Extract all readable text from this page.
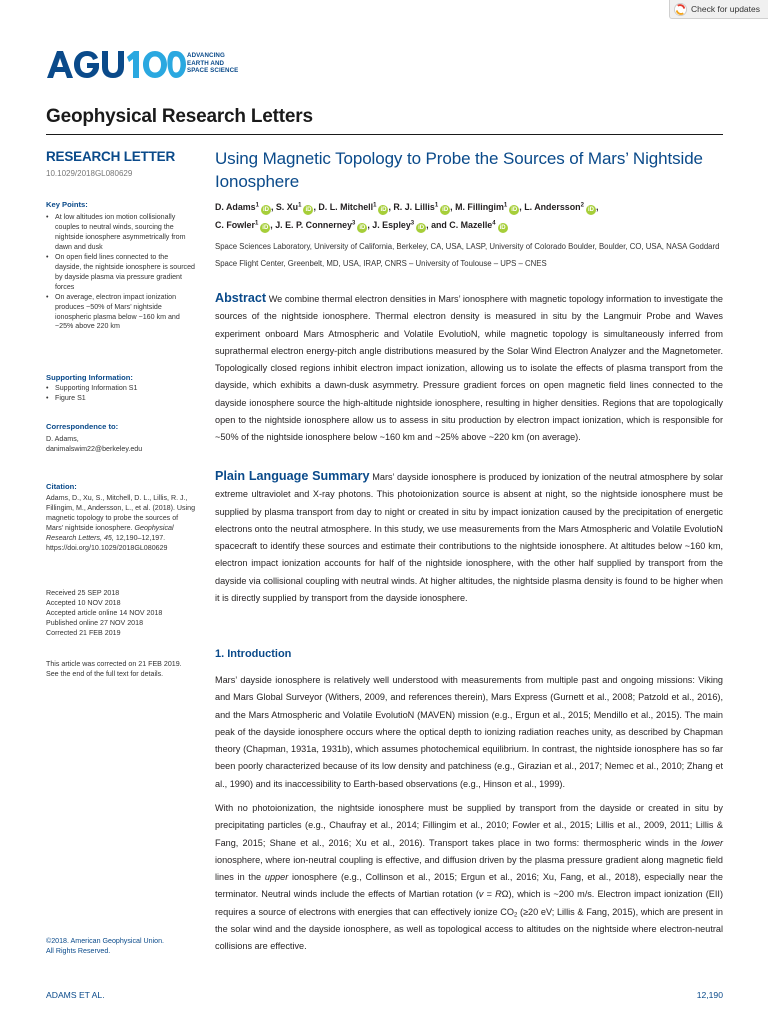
Check for updates
ADVANCING
EARTH AND
SPACE SCIENCE
Geophysical Research Letters
RESEARCH LETTER
10.1029/2018GL080629
Key Points:
• At low altitudes ion motion collisionally couples to neutral winds, sourcing the nightside ionosphere asymmetrically from dawn and dusk
• On open field lines connected to the dayside, the nightside ionosphere is sourced by dayside plasma via pressure gradient forces
• On average, electron impact ionization produces ~50% of Mars’ nightside ionospheric plasma below ~160 km and ~25% above 220 km
Supporting Information:
• Supporting Information S1
• Figure S1
Correspondence to:
D. Adams,
danimalswim22@berkeley.edu
Citation:
Adams, D., Xu, S., Mitchell, D. L., Lillis, R. J., Fillingim, M., Andersson, L., et al. (2018). Using magnetic topology to probe the sources of Mars’ nightside ionosphere. Geophysical Research Letters, 45, 12,190–12,197. https://doi.org/10.1029/2018GL080629

Received 25 SEP 2018

Accepted 10 NOV 2018

Accepted article online 14 NOV 2018

Published online 27 NOV 2018

Corrected 21 FEB 2019

This article was corrected on 21 FEB 2019. See the end of the full text for details.
©2018. American Geophysical Union.
All Rights Reserved.
Using Magnetic Topology to Probe the Sources of Mars’ Nightside Ionosphere
D. Adams$^1$iD , S. Xu$^1$iD , D. L. Mitchell$^1$iD , R. J. Lillis$^1$iD , M. Fillingim$^1$iD , L. Andersson$^2$iD ,
C. Fowler$^1$iD , J. E. P. Connerney$^3$iD , J. Espley$^3$iD , and C. Mazelle$^4$iD
Space Sciences Laboratory, University of California, Berkeley, CA, USA, LASP, University of Colorado Boulder, Boulder, CO, USA, NASA Goddard Space Flight Center, Greenbelt, MD, USA, IRAP, CNRS – University of Toulouse – UPS – CNES

Abstract We combine thermal electron densities in Mars’ ionosphere with magnetic topology information to investigate the sources of the nightside ionosphere. Thermal electron density is measured in situ by the Langmuir Probe and Waves experiment onboard Mars Atmospheric and Volatile EvolutioN, while magnetic topology is simultaneously inferred from suprathermal electron energy-pitch angle distributions measured by the Solar Wind Electron Analyzer and the Magnetometer. Topologically closed regions inhibit electron impact ionization, allowing us to isolate the effects of plasma transport from the dayside, which exhibits a dawn-dusk asymmetry. Pressure gradient forces on open magnetic field lines connected to the dayside ionosphere source the high-altitude nightside ionosphere, resulting in higher densities. Regions that are topologically open to the nightside ionosphere allow us to assess in situ production by electron impact ionization, which is responsible for ~50% of the nightside ionosphere below ~160 km and ~25% above ~220 km (on average).

Plain Language Summary Mars’ dayside ionosphere is produced by ionization of the neutral atmosphere by solar extreme ultraviolet and X-ray photons. This photoionization source is absent at night, so the nightside ionosphere must be supplied by plasma transport from day to night or created in situ by impact ionization caused by the precipitation of energetic electrons onto the neutral atmosphere. In this study, we use measurements from the Mars Atmospheric and Volatile EvolutioN spacecraft to identify these sources and estimate their contributions to the nightside ionosphere. At altitudes below ~160 km, electron impact ionization accounts for half of the nightside ionosphere, with the other half supplied by transport from the dayside via collisional coupling with neutral winds. At higher altitudes, the nightside plasma density is found to be higher when it is directly supplied by transport from the dayside ionosphere.

1. Introduction

Mars’ dayside ionosphere is relatively well understood with measurements from multiple past and ongoing missions: Viking and Mars Global Surveyor (Withers, 2009, and references therein), Mars Express (Gurnett et al., 2008; Patzold et al., 2016), and the Mars Atmospheric and Volatile EvolutioN (MAVEN) mission (e.g., Ergun et al., 2015; Mendillo et al., 2015). The main peak of the dayside ionosphere occurs where the optical depth to ionizing radiation reaches unity, as described by Chapman theory (Chapman, 1931a, 1931b), which assumes photochemical equilibrium. In contrast, the nightside ionosphere has so far been poorly characterized because of its low density and patchiness (e.g., Girazian et al., 2017; Nemec et al., 2010; Zhang et al., 1990) and its inaccessibility to Earth-based observations (e.g., Hinson et al., 1999).

With no photoionization, the nightside ionosphere must be supplied by transport from the dayside or created in situ by precipitating particles (e.g., Chaufray et al., 2014; Fillingim et al., 2010; Fowler et al., 2015; Lillis et al., 2009, 2011; Lillis & Fang, 2015; Shane et al., 2016; Xu et al., 2016). Transport takes place in two forms: thermospheric winds in the lower ionosphere, where ion-neutral coupling is effective, and diffusion driven by the plasma pressure gradient along magnetic field lines in the upper ionosphere (e.g., Collinson et al., 2015; Ergun et al., 2016; Xu, Fang, et al., 2018), especially near the terminator. Neutral winds include the effects of Martian rotation (v = RΩ), which is ~200 m/s. Electron impact ionization (EII) requires a source of electrons with energies that can effectively ionize $CO_2$ (≥20 eV; Lillis & Fang, 2015), which are present in the solar wind and the dayside ionosphere, as well as topological access to altitudes on the nightside where electron-neutral collisions are effective.

ADAMS ET AL.	12,190
